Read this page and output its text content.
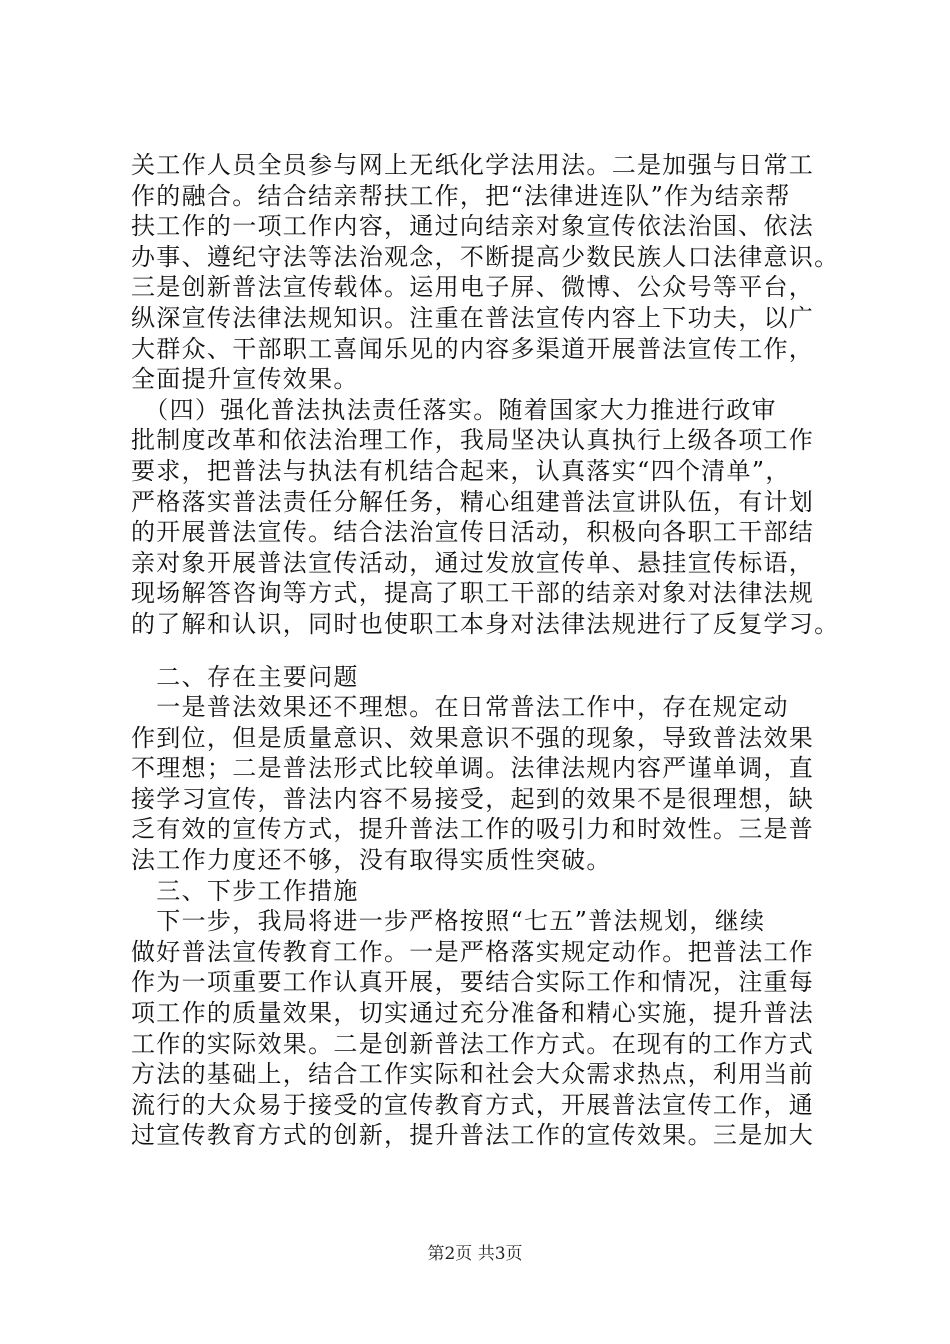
关工作人员全员参与网上无纸化学法用法。二是加强与日常工
作的融合。结合结亲帮扶工作，把“法律进连队”作为结亲帮
扶工作的一项工作内容，通过向结亲对象宣传依法治国、依法
办事、遵纪守法等法治观念，不断提高少数民族人口法律意识。
三是创新普法宣传载体。运用电子屏、微博、公众号等平台，
纵深宣传法律法规知识。注重在普法宣传内容上下功夫，以广
大群众、干部职工喜闻乐见的内容多渠道开展普法宣传工作，
全面提升宣传效果。
　（四）强化普法执法责任落实。随着国家大力推进行政审
批制度改革和依法治理工作，我局坚决认真执行上级各项工作
要求，把普法与执法有机结合起来，认真落实“四个清单”，
严格落实普法责任分解任务，精心组建普法宣讲队伍，有计划
的开展普法宣传。结合法治宣传日活动，积极向各职工干部结
亲对象开展普法宣传活动，通过发放宣传单、悬挂宣传标语，
现场解答咨询等方式，提高了职工干部的结亲对象对法律法规
的了解和认识，同时也使职工本身对法律法规进行了反复学习。
　二、存在主要问题
　一是普法效果还不理想。在日常普法工作中，存在规定动
作到位，但是质量意识、效果意识不强的现象，导致普法效果
不理想；二是普法形式比较单调。法律法规内容严谨单调，直
接学习宣传，普法内容不易接受，起到的效果不是很理想，缺
乏有效的宣传方式，提升普法工作的吸引力和时效性。三是普
法工作力度还不够，没有取得实质性突破。
　三、下步工作措施
　下一步，我局将进一步严格按照“七五”普法规划，继续
做好普法宣传教育工作。一是严格落实规定动作。把普法工作
作为一项重要工作认真开展，要结合实际工作和情况，注重每
项工作的质量效果，切实通过充分准备和精心实施，提升普法
工作的实际效果。二是创新普法工作方式。在现有的工作方式
方法的基础上，结合工作实际和社会大众需求热点，利用当前
流行的大众易于接受的宣传教育方式，开展普法宣传工作，通
过宣传教育方式的创新，提升普法工作的宣传效果。三是加大
第2页 共3页
